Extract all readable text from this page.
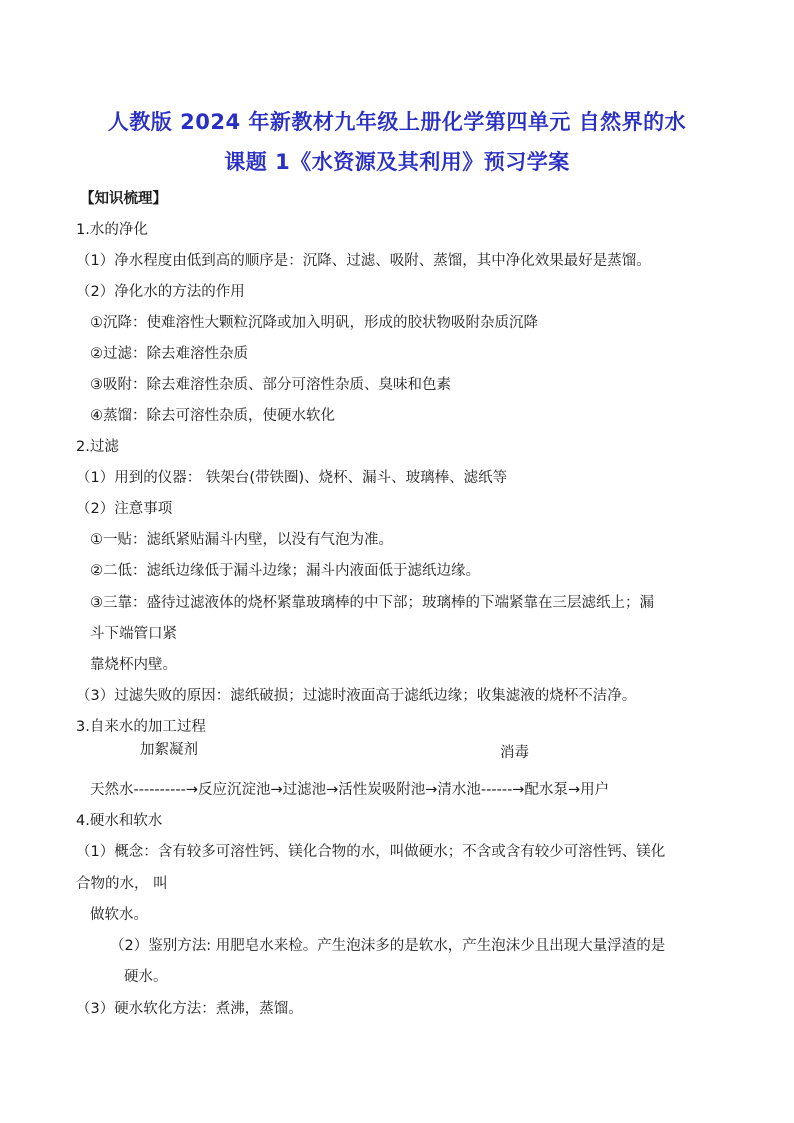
人教版 2024 年新教材九年级上册化学第四单元 自然界的水
课题 1《水资源及其利用》预习学案
【知识梳理】
1.水的净化
（1）净水程度由低到高的顺序是：沉降、过滤、吸附、蒸馏，其中净化效果最好是蒸馏。
（2）净化水的方法的作用
①沉降：使难溶性大颗粒沉降或加入明矾，形成的胶状物吸附杂质沉降
②过滤：除去难溶性杂质
③吸附：除去难溶性杂质、部分可溶性杂质、臭味和色素
④蒸馏：除去可溶性杂质，使硬水软化
2.过滤
（1）用到的仪器： 铁架台(带铁圈)、烧杯、漏斗、玻璃棒、滤纸等
（2）注意事项
①一贴：滤纸紧贴漏斗内壁，以没有气泡为准。
②二低：滤纸边缘低于漏斗边缘；漏斗内液面低于滤纸边缘。
③三靠：盛待过滤液体的烧杯紧靠玻璃棒的中下部；玻璃棒的下端紧靠在三层滤纸上；漏
斗下端管口紧
靠烧杯内壁。
（3）过滤失败的原因：滤纸破损；过滤时液面高于滤纸边缘；收集滤液的烧杯不洁净。
3.自来水的加工过程
加絮凝剂	消毒
天然水----------→反应沉淀池→过滤池→活性炭吸附池→清水池------→配水泵→用户
4.硬水和软水
（1）概念：含有较多可溶性钙、镁化合物的水，叫做硬水；不含或含有较少可溶性钙、镁化
合物的水， 叫
做软水。
（2）鉴别方法: 用肥皂水来检。产生泡沫多的是软水，产生泡沫少且出现大量浮渣的是
硬水。
（3）硬水软化方法：煮沸，蒸馏。
